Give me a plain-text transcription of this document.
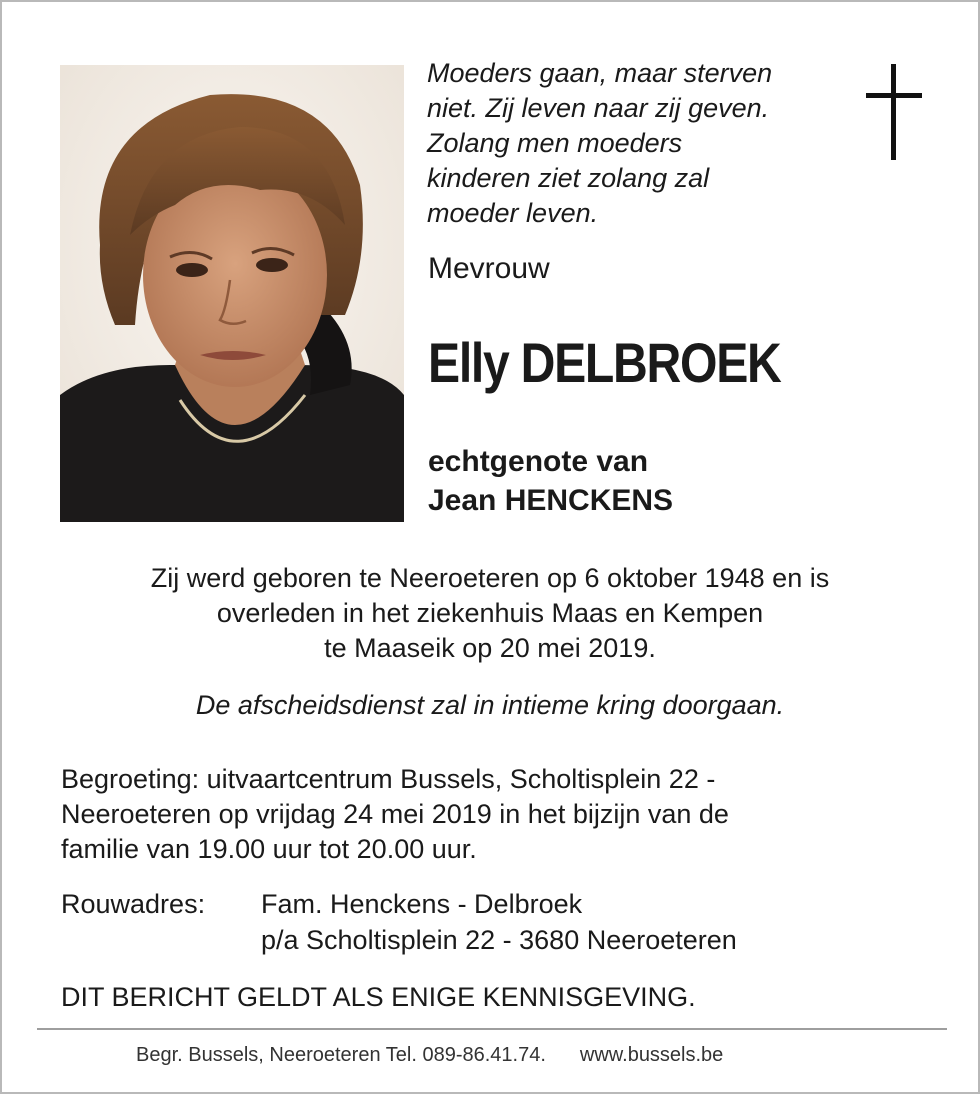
Moeders gaan, maar sterven
niet. Zij leven naar zij geven.
Zolang men moeders
kinderen ziet zolang zal
moeder leven.
Mevrouw
Elly DELBROEK
echtgenote van
Jean HENCKENS
Zij werd geboren te Neeroeteren op 6 oktober 1948 en is
overleden in het ziekenhuis Maas en Kempen
te Maaseik op 20 mei 2019.
De afscheidsdienst zal in intieme kring doorgaan.
Begroeting: uitvaartcentrum Bussels, Scholtisplein 22 -
Neeroeteren op vrijdag 24 mei 2019 in het bijzijn van de
familie van 19.00 uur tot 20.00 uur.
Rouwadres: Fam. Henckens - Delbroek
p/a Scholtisplein 22 - 3680 Neeroeteren
DIT BERICHT GELDT ALS ENIGE KENNISGEVING.
Begr. Bussels, Neeroeteren Tel. 089-86.41.74. www.bussels.be
